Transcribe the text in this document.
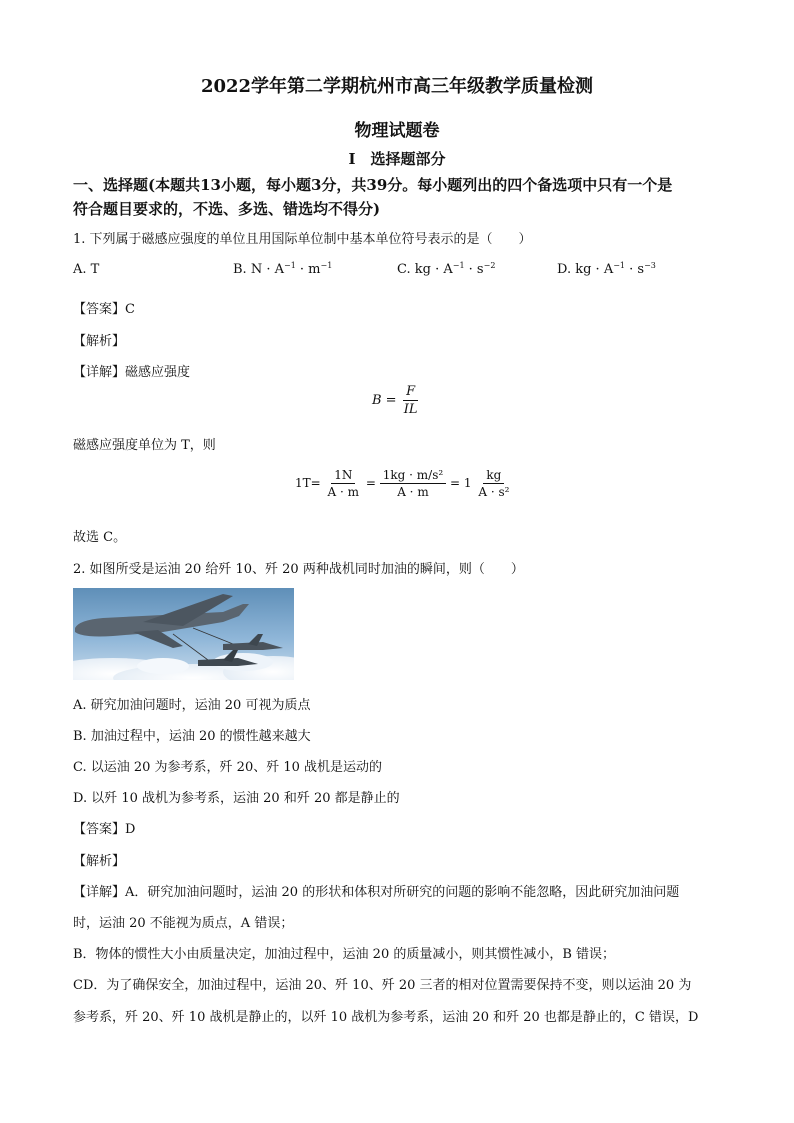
2022学年第二学期杭州市高三年级教学质量检测
物理试题卷
Ⅰ　选择题部分
一、选择题(本题共13小题，每小题3分，共39分。每小题列出的四个备选项中只有一个是
符合题目要求的，不选、多选、错选均不得分)
1. 下列属于磁感应强度的单位且用国际单位制中基本单位符号表示的是（　　）
A. T	B. $N \cdot A^{-1} \cdot m^{-1}$	C. kg · $A^{-1} \cdot s^{-2}$	D. kg · $A^{-1} \cdot s^{-3}$
【答案】C
【解析】
【详解】磁感应强度
$B = \frac{F}{IL}$
磁感应强度单位为 T，则
$1T= \frac{1N}{A \cdot m} = \frac{\text{1kg · m/s²}}{A \cdot m} = 1 \frac{kg}{\text{A · s²}}$
故选 C。
2. 如图所受是运油 20 给歼 10、歼 20 两种战机同时加油的瞬间，则（　　）
A. 研究加油问题时，运油 20 可视为质点
B. 加油过程中，运油 20 的惯性越来越大
C. 以运油 20 为参考系，歼 20、歼 10 战机是运动的
D. 以歼 10 战机为参考系，运油 20 和歼 20 都是静止的
【答案】D
【解析】
【详解】A．研究加油问题时，运油 20 的形状和体积对所研究的问题的影响不能忽略，因此研究加油问题
时，运油 20 不能视为质点，A 错误；
B．物体的惯性大小由质量决定，加油过程中，运油 20 的质量减小，则其惯性减小，B 错误；
CD．为了确保安全，加油过程中，运油 20、歼 10、歼 20 三者的相对位置需要保持不变，则以运油 20 为
参考系，歼 20、歼 10 战机是静止的，以歼 10 战机为参考系，运油 20 和歼 20 也都是静止的，C 错误，D
